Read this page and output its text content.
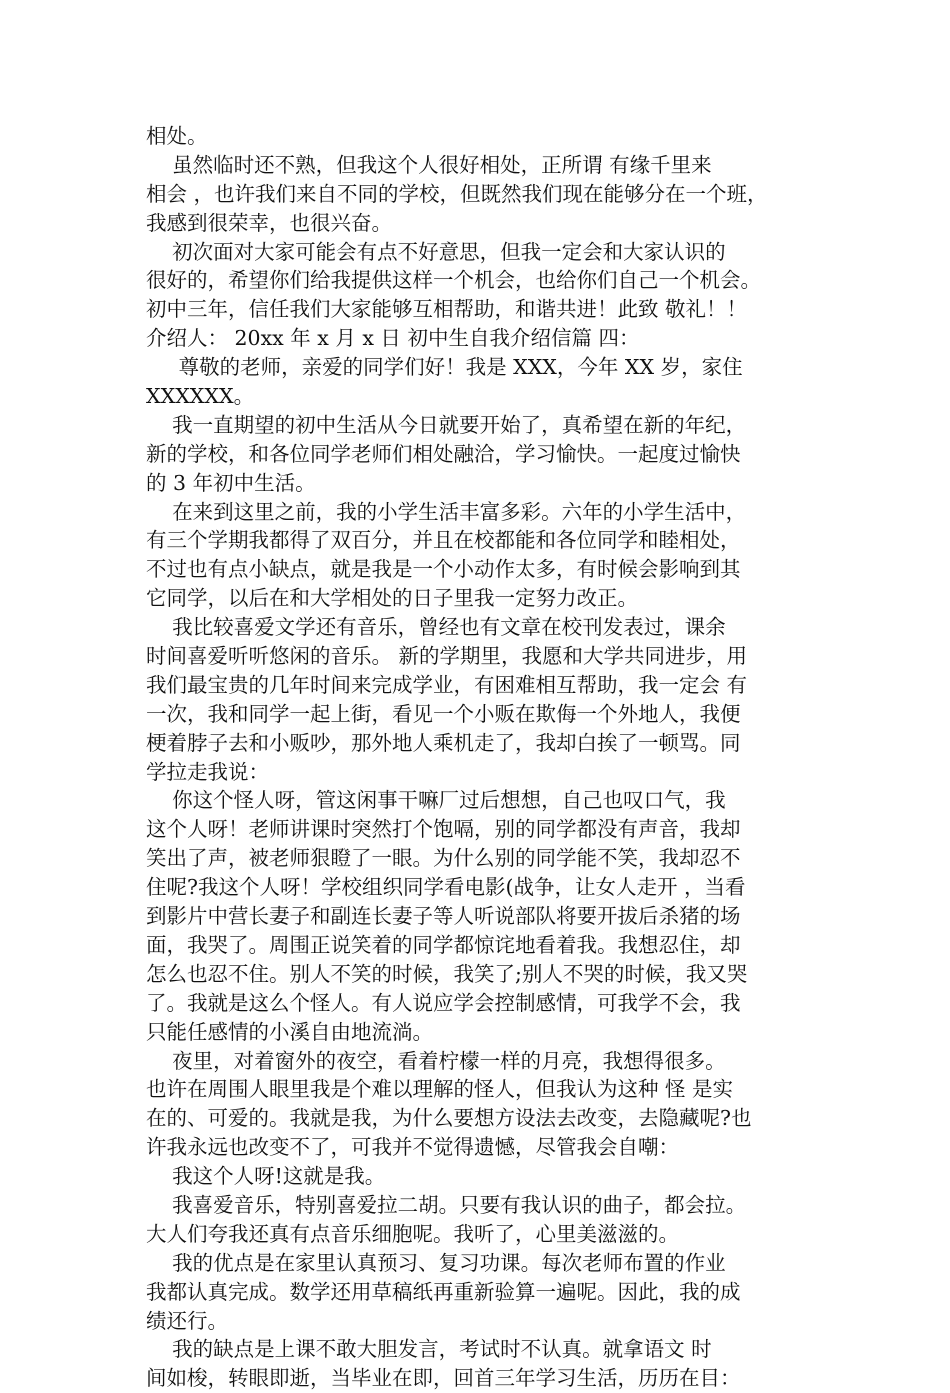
相处。
虽然临时还不熟，但我这个人很好相处，正所谓 有缘千里来
相会 ，也许我们来自不同的学校，但既然我们现在能够分在一个班，
我感到很荣幸，也很兴奋。
初次面对大家可能会有点不好意思，但我一定会和大家认识的
很好的，希望你们给我提供这样一个机会，也给你们自己一个机会。
初中三年，信任我们大家能够互相帮助，和谐共进！此致 敬礼！！
介绍人： 20xx 年 x 月 x 日 初中生自我介绍信篇 四：
尊敬的老师，亲爱的同学们好！我是 XXX，今年 XX 岁，家住
XXXXXX。
我一直期望的初中生活从今日就要开始了，真希望在新的年纪，
新的学校，和各位同学老师们相处融洽，学习愉快。一起度过愉快
的 3 年初中生活。
在来到这里之前，我的小学生活丰富多彩。六年的小学生活中，
有三个学期我都得了双百分，并且在校都能和各位同学和睦相处，
不过也有点小缺点，就是我是一个小动作太多，有时候会影响到其
它同学，以后在和大学相处的日子里我一定努力改正。
我比较喜爱文学还有音乐，曾经也有文章在校刊发表过，课余
时间喜爱听听悠闲的音乐。 新的学期里，我愿和大学共同进步，用
我们最宝贵的几年时间来完成学业，有困难相互帮助，我一定会 有
一次，我和同学一起上街，看见一个小贩在欺侮一个外地人，我便
梗着脖子去和小贩吵，那外地人乘机走了，我却白挨了一顿骂。同
学拉走我说：
你这个怪人呀，管这闲事干嘛厂过后想想，自己也叹口气，我
这个人呀！老师讲课时突然打个饱嗝，别的同学都没有声音，我却
笑出了声，被老师狠瞪了一眼。为什么别的同学能不笑，我却忍不
住呢?我这个人呀！学校组织同学看电影(战争，让女人走开 ，当看
到影片中营长妻子和副连长妻子等人听说部队将要开拔后杀猪的场
面，我哭了。周围正说笑着的同学都惊诧地看着我。我想忍住，却
怎么也忍不住。别人不笑的时候，我笑了;别人不哭的时候，我又哭
了。我就是这么个怪人。有人说应学会控制感情，可我学不会，我
只能任感情的小溪自由地流淌。
夜里，对着窗外的夜空，看着柠檬一样的月亮，我想得很多。
也许在周围人眼里我是个难以理解的怪人，但我认为这种 怪 是实
在的、可爱的。我就是我，为什么要想方设法去改变，去隐藏呢?也
许我永远也改变不了，可我并不觉得遗憾，尽管我会自嘲：
我这个人呀!这就是我。
我喜爱音乐，特别喜爱拉二胡。只要有我认识的曲子，都会拉。
大人们夸我还真有点音乐细胞呢。我听了，心里美滋滋的。
我的优点是在家里认真预习、复习功课。每次老师布置的作业
我都认真完成。数学还用草稿纸再重新验算一遍呢。因此，我的成
绩还行。
我的缺点是上课不敢大胆发言，考试时不认真。就拿语文 时
间如梭，转眼即逝，当毕业在即，回首三年学习生活，历历在目：
